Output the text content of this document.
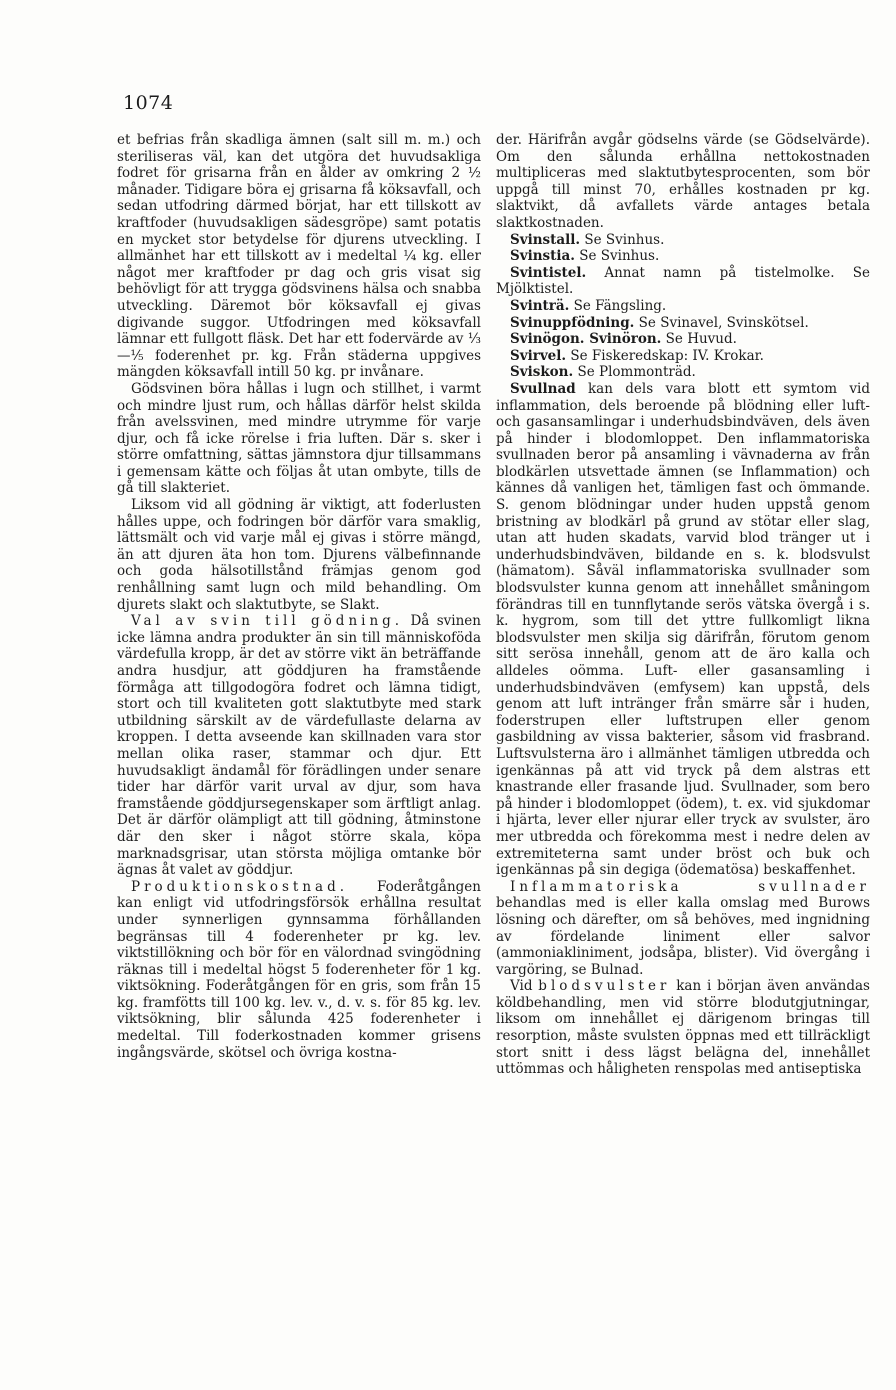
1074

et befrias från skadliga ämnen (salt sill m. m.) och steriliseras väl, kan det utgöra det huvudsakliga fodret för grisarna från en ålder av omkring 2 ½ månader. Tidigare böra ej grisarna få köksavfall, och sedan utfodring därmed börjat, har ett tillskott av kraftfoder (huvudsakligen sädesgröpe) samt potatis en mycket stor betydelse för djurens utveckling. I allmänhet har ett tillskott av i medeltal ¼ kg. eller något mer kraftfoder pr dag och gris visat sig behövligt för att trygga gödsvinens hälsa och snabba utveckling. Däremot bör köksavfall ej givas digivande suggor. Utfodringen med köksavfall lämnar ett fullgott fläsk. Det har ett fodervärde av ⅓—⅕ foderenhet pr. kg. Från städerna uppgives mängden köksavfall intill 50 kg. pr invånare.

Gödsvinen böra hållas i lugn och stillhet, i varmt och mindre ljust rum, och hållas därför helst skilda från avelssvinen, med mindre utrymme för varje djur, och få icke rörelse i fria luften. Där s. sker i större omfattning, sättas jämnstora djur tillsammans i gemensam kätte och följas åt utan ombyte, tills de gå till slakteriet.

Liksom vid all gödning är viktigt, att foderlusten hålles uppe, och fodringen bör därför vara smaklig, lättsmält och vid varje mål ej givas i större mängd, än att djuren äta hon tom. Djurens välbefinnande och goda hälsotillstånd främjas genom god renhållning samt lugn och mild behandling. Om djurets slakt och slaktutbyte, se Slakt.

Val av svin till gödning. Då svinen icke lämna andra produkter än sin till människoföda värdefulla kropp, är det av större vikt än beträffande andra husdjur, att göddjuren ha framstående förmåga att tillgodogöra fodret och lämna tidigt, stort och till kvaliteten gott slaktutbyte med stark utbildning särskilt av de värdefullaste delarna av kroppen. I detta avseende kan skillnaden vara stor mellan olika raser, stammar och djur. Ett huvudsakligt ändamål för förädlingen under senare tider har därför varit urval av djur, som hava framstående göddjursegenskaper som ärftligt anlag. Det är därför olämpligt att till gödning, åtminstone där den sker i något större skala, köpa marknadsgrisar, utan största möjliga omtanke bör ägnas åt valet av göddjur.

Produktionskostnad. Foderåtgången kan enligt vid utfodringsförsök erhållna resultat under synnerligen gynnsamma förhållanden begränsas till 4 foderenheter pr kg. lev. viktstillökning och bör för en välordnad svingödning räknas till i medeltal högst 5 foderenheter för 1 kg. viktsökning. Foderåtgången för en gris, som från 15 kg. framfötts till 100 kg. lev. v., d. v. s. för 85 kg. lev. viktsökning, blir sålunda 425 foderenheter i medeltal. Till foderkostnaden kommer grisens ingångsvärde, skötsel och övriga kostna-

der. Härifrån avgår gödselns värde (se Gödselvärde). Om den sålunda erhållna nettokostnaden multipliceras med slaktutbytesprocenten, som bör uppgå till minst 70, erhålles kostnaden pr kg. slaktvikt, då avfallets värde antages betala slaktkostnaden.

Svinstall. Se Svinhus.

Svinstia. Se Svinhus.

Svintistel. Annat namn på tistelmolke. Se Mjölktistel.

Svinträ. Se Fängsling.

Svinuppfödning. Se Svinavel, Svinskötsel.

Svinögon. Svinöron. Se Huvud.

Svirvel. Se Fiskeredskap: IV. Krokar.

Sviskon. Se Plommonträd.

Svullnad kan dels vara blott ett symtom vid inflammation, dels beroende på blödning eller luft- och gasansamlingar i underhudsbindväven, dels även på hinder i blodomloppet. Den inflammatoriska svullnaden beror på ansamling i vävnaderna av från blodkärlen utsvettade ämnen (se Inflammation) och kännes då vanligen het, tämligen fast och ömmande. S. genom blödningar under huden uppstå genom bristning av blodkärl på grund av stötar eller slag, utan att huden skadats, varvid blod tränger ut i underhudsbindväven, bildande en s. k. blodsvulst (hämatom). Såväl inflammatoriska svullnader som blodsvulster kunna genom att innehållet småningom förändras till en tunnflytande serös vätska övergå i s. k. hygrom, som till det yttre fullkomligt likna blodsvulster men skilja sig därifrån, förutom genom sitt serösa innehåll, genom att de äro kalla och alldeles oömma. Luft- eller gasansamling i underhudsbindväven (emfysem) kan uppstå, dels genom att luft intränger från smärre sår i huden, foderstrupen eller luftstrupen eller genom gasbildning av vissa bakterier, såsom vid frasbrand. Luftsvulsterna äro i allmänhet tämligen utbredda och igenkännas på att vid tryck på dem alstras ett knastrande eller frasande ljud. Svullnader, som bero på hinder i blodomloppet (ödem), t. ex. vid sjukdomar i hjärta, lever eller njurar eller tryck av svulster, äro mer utbredda och förekomma mest i nedre delen av extremiteterna samt under bröst och buk och igenkännas på sin degiga (ödematösa) beskaffenhet.

Inflammatoriska svullnader behandlas med is eller kalla omslag med Burows lösning och därefter, om så behöves, med ingnidning av fördelande liniment eller salvor (ammoniakliniment, jodsåpa, blister). Vid övergång i vargöring, se Bulnad.

Vid blodsvulster kan i början även användas köldbehandling, men vid större blodutgjutningar, liksom om innehållet ej därigenom bringas till resorption, måste svulsten öppnas med ett tillräckligt stort snitt i dess lägst belägna del, innehållet uttömmas och håligheten renspolas med antiseptiska
